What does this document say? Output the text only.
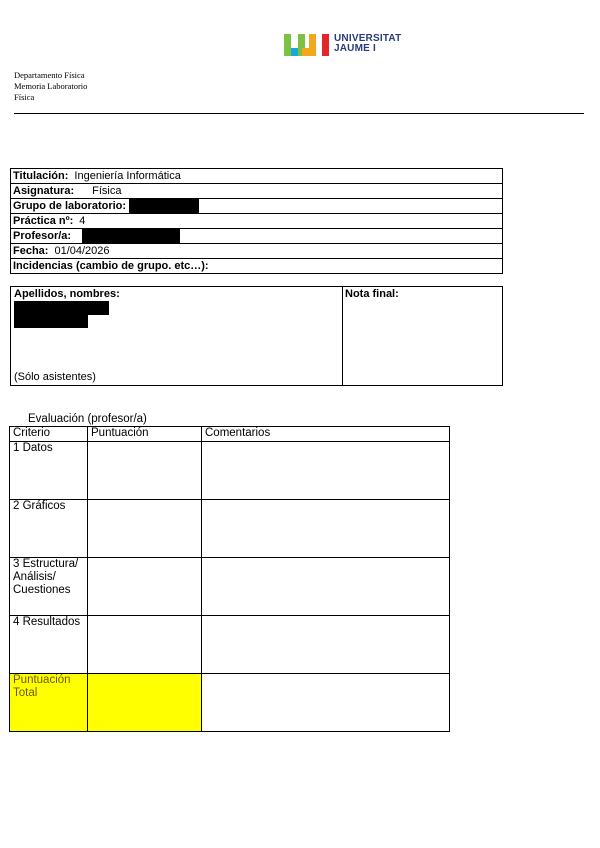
UNIVERSITAT
JAUME I
Departamento Física
Memoria Laboratorio
Física
Titulación: Ingeniería Informática
Asignatura: Física
Grupo de laboratorio:
Práctica nº: 4
Profesor/a:
Fecha: 01/04/2026
Incidencias (cambio de grupo. etc…):
Apellidos, nombres:
(Sólo asistentes)
Nota final:
Evaluación (profesor/a)
Criterio	Puntuación	Comentarios
1 Datos		
2 Gráficos		
3 Estructura/ Análisis/ Cuestiones		
4 Resultados		
Puntuación Total		
